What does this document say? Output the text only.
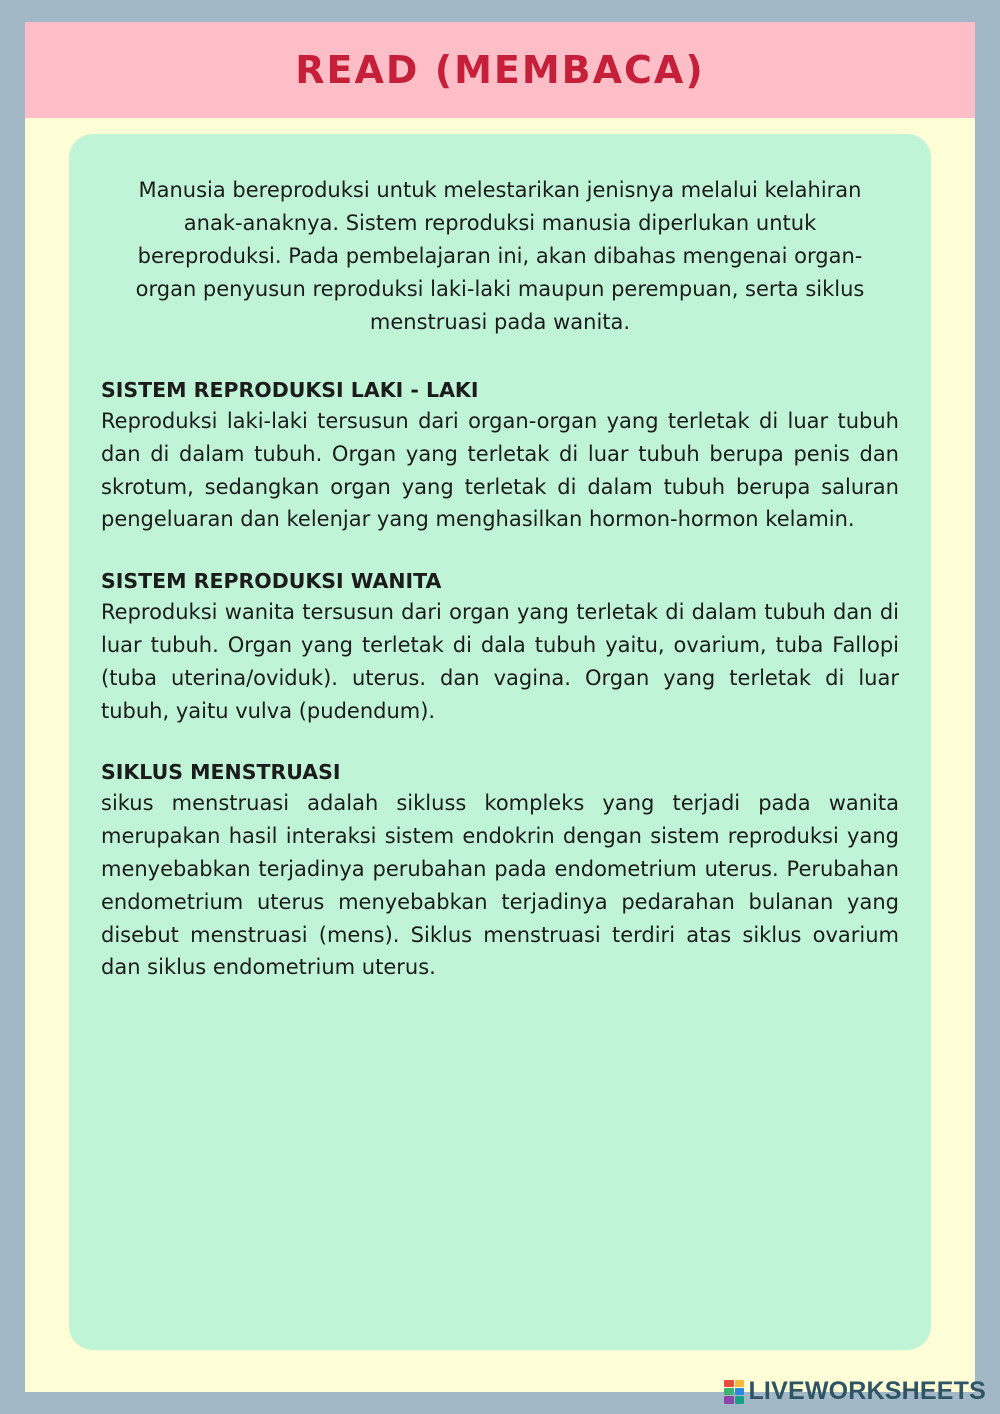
READ (MEMBACA)

Manusia bereproduksi untuk melestarikan jenisnya melalui kelahiran anak-anaknya. Sistem reproduksi manusia diperlukan untuk bereproduksi. Pada pembelajaran ini, akan dibahas mengenai organ-organ penyusun reproduksi laki-laki maupun perempuan, serta siklus menstruasi pada wanita.

SISTEM REPRODUKSI LAKI - LAKI

Reproduksi laki-laki tersusun dari organ-organ yang terletak di luar tubuh dan di dalam tubuh. Organ yang terletak di luar tubuh berupa penis dan skrotum, sedangkan organ yang terletak di dalam tubuh berupa saluran pengeluaran dan kelenjar yang menghasilkan hormon-hormon kelamin.

SISTEM REPRODUKSI WANITA

Reproduksi wanita tersusun dari organ yang terletak di dalam tubuh dan di luar tubuh. Organ yang terletak di dala tubuh yaitu, ovarium, tuba Fallopi (tuba uterina/oviduk). uterus. dan vagina. Organ yang terletak di luar tubuh, yaitu vulva (pudendum).

SIKLUS MENSTRUASI

sikus menstruasi adalah sikluss kompleks yang terjadi pada wanita merupakan hasil interaksi sistem endokrin dengan sistem reproduksi yang menyebabkan terjadinya perubahan pada endometrium uterus. Perubahan endometrium uterus menyebabkan terjadinya pedarahan bulanan yang disebut menstruasi (mens). Siklus menstruasi terdiri atas siklus ovarium dan siklus endometrium uterus.

LIVEWORKSHEETS
